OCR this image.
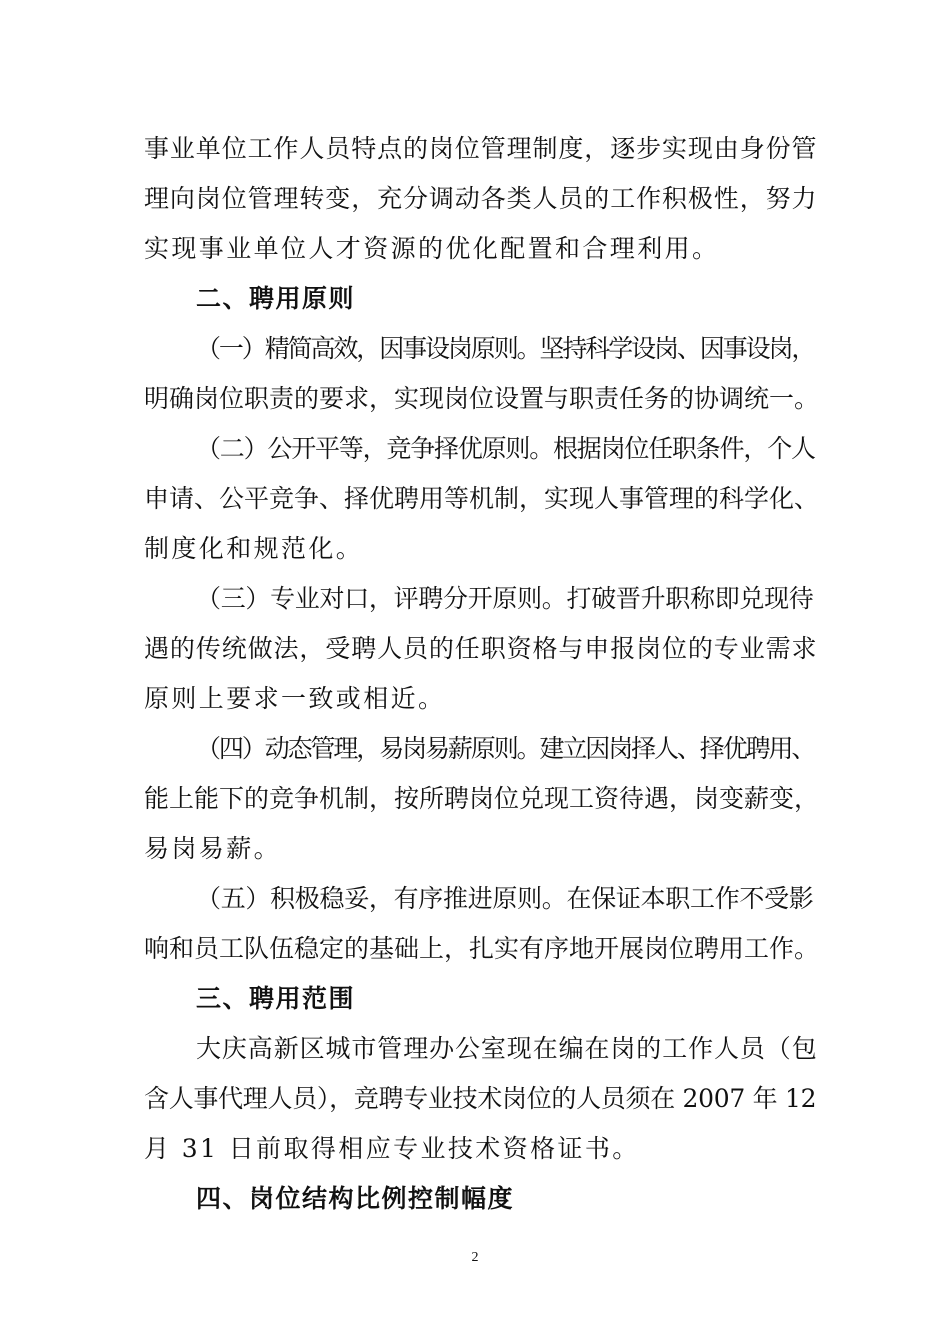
事业单位工作人员特点的岗位管理制度，逐步实现由身份管
理向岗位管理转变，充分调动各类人员的工作积极性，努力
实现事业单位人才资源的优化配置和合理利用。
二、聘用原则
（一）精简高效，因事设岗原则。坚持科学设岗、因事设岗，
明确岗位职责的要求，实现岗位设置与职责任务的协调统一。
（二）公开平等，竞争择优原则。根据岗位任职条件，个人
申请、公平竞争、择优聘用等机制，实现人事管理的科学化、
制度化和规范化。
（三）专业对口，评聘分开原则。打破晋升职称即兑现待
遇的传统做法，受聘人员的任职资格与申报岗位的专业需求
原则上要求一致或相近。
（四）动态管理，易岗易薪原则。建立因岗择人、择优聘用、
能上能下的竞争机制，按所聘岗位兑现工资待遇，岗变薪变，
易岗易薪。
（五）积极稳妥，有序推进原则。在保证本职工作不受影
响和员工队伍稳定的基础上，扎实有序地开展岗位聘用工作。
三、聘用范围
大庆高新区城市管理办公室现在编在岗的工作人员（包
含人事代理人员），竞聘专业技术岗位的人员须在 2007 年 12
月 31 日前取得相应专业技术资格证书。
四、岗位结构比例控制幅度
2
